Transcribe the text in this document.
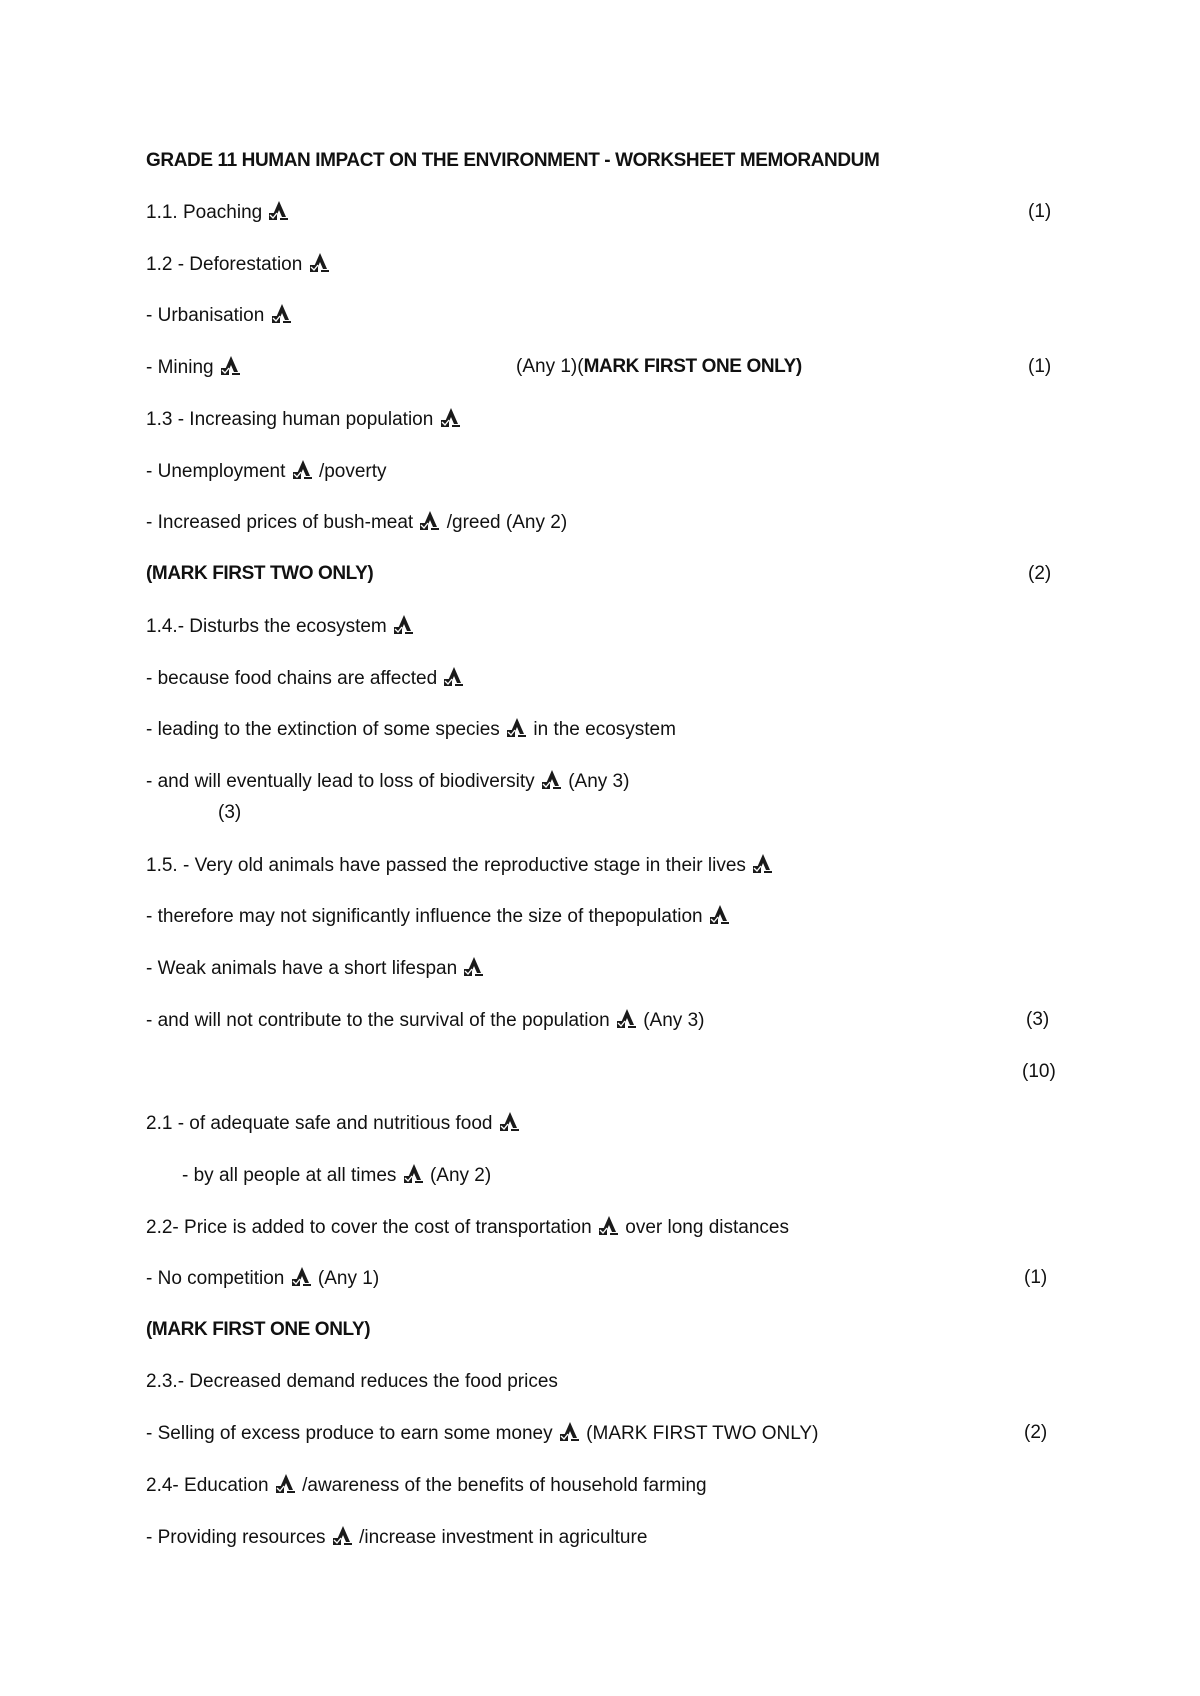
GRADE 11 HUMAN IMPACT ON THE ENVIRONMENT - WORKSHEET MEMORANDUM
1.1. Poaching	(1)
1.2 - Deforestation
- Urbanisation
- Mining	(Any 1)(MARK FIRST ONE ONLY)	(1)
1.3 - Increasing human population
- Unemployment /poverty
- Increased prices of bush-meat /greed (Any 2)
(MARK FIRST TWO ONLY)	(2)
1.4.- Disturbs the ecosystem
- because food chains are affected
- leading to the extinction of some species
in the ecosystem
- and will eventually lead to loss of biodiversity
(Any 3)
(3)
1.5. - Very old animals have passed the reproductive stage in their lives
- therefore may not significantly influence the size of thepopulation
- Weak animals have a short lifespan
- and will not contribute to the survival of the population
(Any 3)	(3)
(10)
2.1 - of adequate safe and nutritious food
- by all people at all times
(Any 2)
2.2- Price is added to cover the cost of transportation
over long distances
- No competition
(Any 1)	(1)
(MARK FIRST ONE ONLY)
2.3.- Decreased demand reduces the food prices
- Selling of excess produce to earn some money
(MARK FIRST TWO ONLY)	(2)
2.4- Education
/awareness of the benefits of household farming
- Providing resources
/increase investment in agriculture
